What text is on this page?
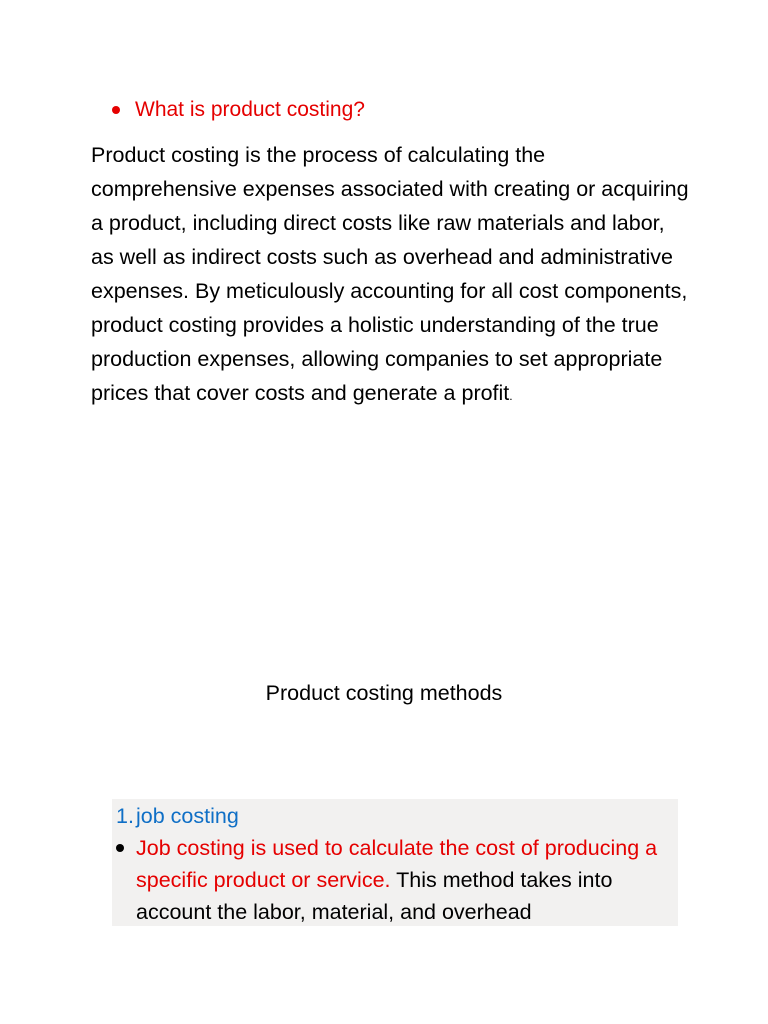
What is product costing?

Product costing is the process of calculating the comprehensive expenses associated with creating or acquiring a product, including direct costs like raw materials and labor, as well as indirect costs such as overhead and administrative expenses. By meticulously accounting for all cost components, product costing provides a holistic understanding of the true production expenses, allowing companies to set appropriate prices that cover costs and generate a profit.

Product costing methods
1.job costing
Job costing is used to calculate the cost of producing a specific product or service. This method takes into account the labor, material, and overhead
